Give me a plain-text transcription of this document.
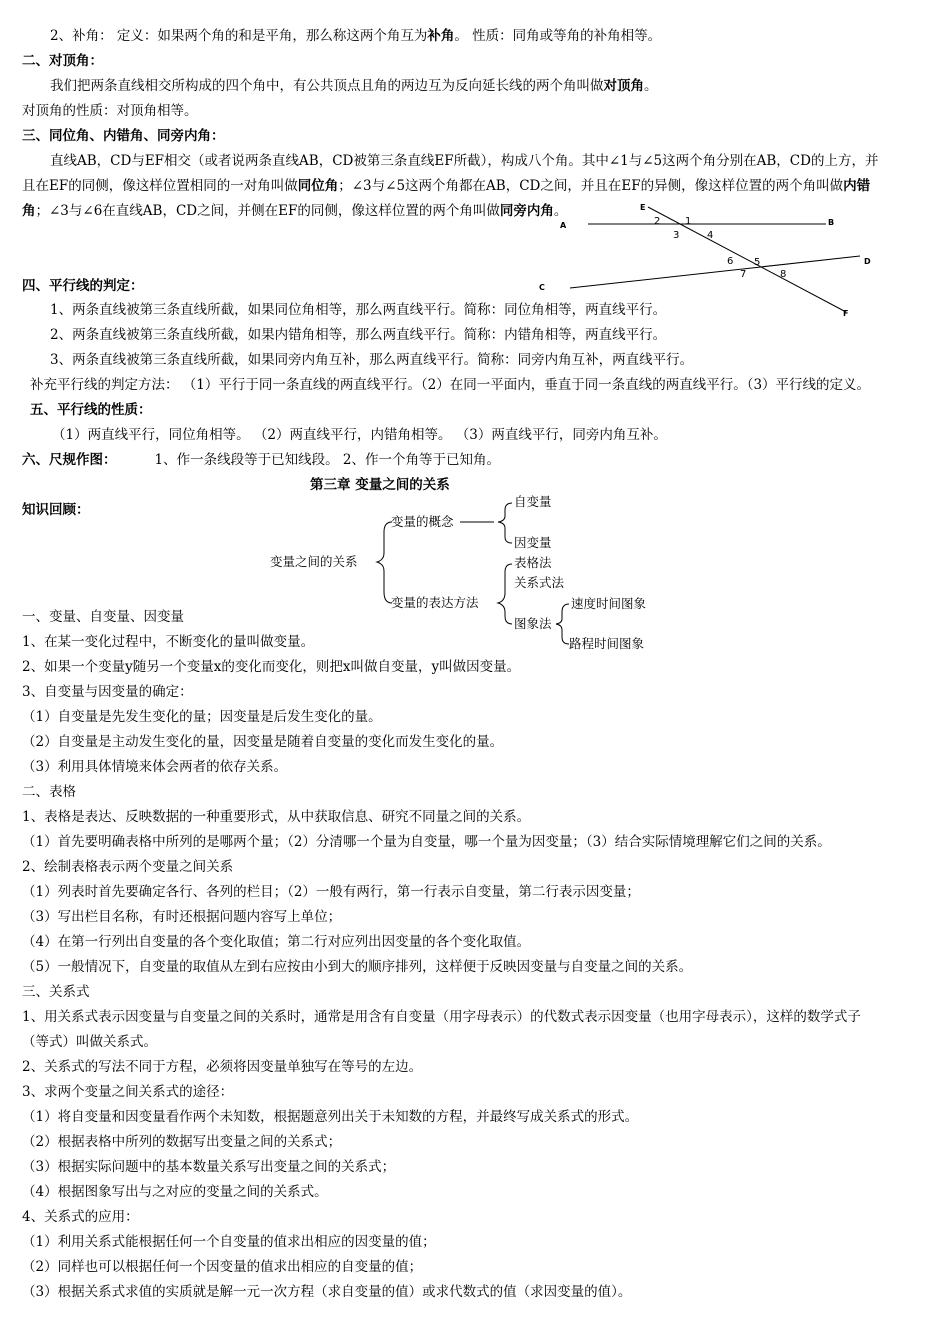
2、补角： 定义：如果两个角的和是平角，那么称这两个角互为补角。 性质：同角或等角的补角相等。
二、对顶角：
我们把两条直线相交所构成的四个角中，有公共顶点且角的两边互为反向延长线的两个角叫做对顶角。
对顶角的性质：对顶角相等。
三、同位角、内错角、同旁内角：
直线AB，CD与EF相交（或者说两条直线AB，CD被第三条直线EF所截），构成八个角。其中∠1与∠5这两个角分别在AB，CD的上方，并
且在EF的同侧，像这样位置相同的一对角叫做同位角；∠3与∠5这两个角都在AB，CD之间，并且在EF的异侧，像这样位置的两个角叫做内错
角；∠3与∠6在直线AB，CD之间，并侧在EF的同侧，像这样位置的两个角叫做同旁内角。	E
A	B
C
D
F
1
2
3	4
5
6
7	8
四、平行线的判定：
1、两条直线被第三条直线所截，如果同位角相等，那么两直线平行。简称：同位角相等，两直线平行。
2、两条直线被第三条直线所截，如果内错角相等，那么两直线平行。简称：内错角相等，两直线平行。
3、两条直线被第三条直线所截，如果同旁内角互补，那么两直线平行。简称：同旁内角互补，两直线平行。
补充平行线的判定方法： （1）平行于同一条直线的两直线平行。（2）在同一平面内，垂直于同一条直线的两直线平行。（3）平行线的定义。
五、平行线的性质：
（1）两直线平行，同位角相等。 （2）两直线平行，内错角相等。 （3）两直线平行，同旁内角互补。
六、尺规作图：	1、作一条线段等于已知线段。 2、作一个角等于已知角。
第三章 变量之间的关系
知识回顾：
变量之间的关系
变量的概念
自变量
因变量
变量的表达方法
表格法
关系式法
图象法
速度时间图象
路程时间图象
一、变量、自变量、因变量
1、在某一变化过程中，不断变化的量叫做变量。
2、如果一个变量y随另一个变量x的变化而变化，则把x叫做自变量，y叫做因变量。
3、自变量与因变量的确定：
（1）自变量是先发生变化的量；因变量是后发生变化的量。
（2）自变量是主动发生变化的量，因变量是随着自变量的变化而发生变化的量。
（3）利用具体情境来体会两者的依存关系。
二、表格
1、表格是表达、反映数据的一种重要形式，从中获取信息、研究不同量之间的关系。
（1）首先要明确表格中所列的是哪两个量；（2）分清哪一个量为自变量，哪一个量为因变量；（3）结合实际情境理解它们之间的关系。
2、绘制表格表示两个变量之间关系
（1）列表时首先要确定各行、各列的栏目；（2）一般有两行，第一行表示自变量，第二行表示因变量；
（3）写出栏目名称，有时还根据问题内容写上单位；
（4）在第一行列出自变量的各个变化取值；第二行对应列出因变量的各个变化取值。
（5）一般情况下，自变量的取值从左到右应按由小到大的顺序排列，这样便于反映因变量与自变量之间的关系。
三、关系式
1、用关系式表示因变量与自变量之间的关系时，通常是用含有自变量（用字母表示）的代数式表示因变量（也用字母表示），这样的数学式子
（等式）叫做关系式。
2、关系式的写法不同于方程，必须将因变量单独写在等号的左边。
3、求两个变量之间关系式的途径：
（1）将自变量和因变量看作两个未知数，根据题意列出关于未知数的方程，并最终写成关系式的形式。
（2）根据表格中所列的数据写出变量之间的关系式；
（3）根据实际问题中的基本数量关系写出变量之间的关系式；
（4）根据图象写出与之对应的变量之间的关系式。
4、关系式的应用：
（1）利用关系式能根据任何一个自变量的值求出相应的因变量的值；
（2）同样也可以根据任何一个因变量的值求出相应的自变量的值；
（3）根据关系式求值的实质就是解一元一次方程（求自变量的值）或求代数式的值（求因变量的值）。
